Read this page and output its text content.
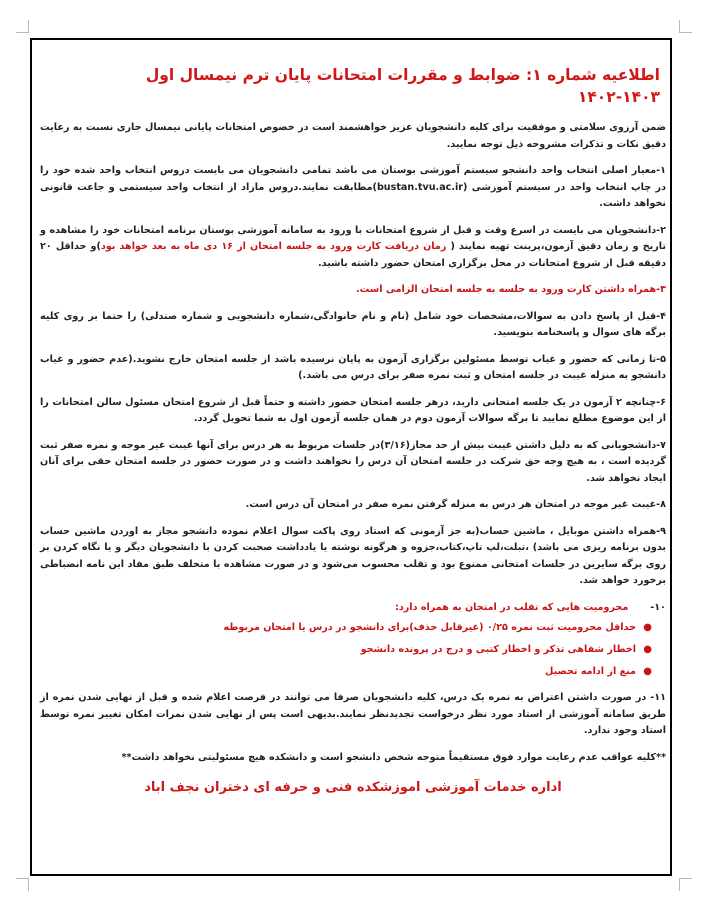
اطلاعیه شماره ۱: ضوابط و مقررات امتحانات پایان ترم نیمسال اول ۱۴۰۳-۱۴۰۲
ضمن آرزوی سلامتی و موفقیت برای کلیه دانشجویان عزیز خواهشمند است در خصوص امتحانات پایانی نیمسال جاری نسبت به رعایت دقیق نکات و تذکرات مشروحه ذیل توجه نمایید.
۱-معیار اصلی انتخاب واحد دانشجو سیستم آموزشی بوستان می باشد تمامی دانشجویان می بایست دروس انتخاب واحد شده خود را در چاپ انتخاب واحد در سیستم آموزشی (bustan.tvu.ac.ir)مطابقت نمایند.دروس مازاد از انتخاب واحد سیستمی و جاعت قانونی نخواهد داشت.
۲-دانشجویان می بایست در اسرع وقت و قبل از شروع امتحانات با ورود به سامانه آموزشی بوستان برنامه امتحانات خود را مشاهده و تاریخ و زمان دقیق آزمون،پرینت تهیه نمایند ( زمان دریافت کارت ورود به جلسه امتحان از ۱۶ دی ماه به بعد خواهد بود)و حداقل ۲۰ دقیقه قبل از شروع امتحانات در محل برگزاری امتحان حضور داشته باشید.
۳-همراه داشتن کارت ورود به جلسه به جلسه امتحان الزامی است.
۴-قبل از پاسخ دادن به سوالات،مشخصات خود شامل (نام و نام خانوادگی،شماره دانشجویی و شماره صندلی) را حتما بر روی کلیه برگه های سوال و پاسخنامه بنویسید.
۵-تا زمانی که حضور و غیاب توسط مسئولین برگزاری آزمون به پایان نرسیده باشد از جلسه امتحان خارج نشوید.(عدم حضور و غیاب دانشجو به منزله غیبت در جلسه امتحان و ثبت نمره صفر برای درس می باشد.)
۶-چنانچه ۲ آزمون در یک جلسه امتحانی دارید، درهر جلسه امتحان حضور داشته و حتماً قبل از شروع امتحان مسئول سالن امتحانات را از این موضوع مطلع نمایید تا برگه سوالات آزمون دوم در همان جلسه آزمون اول به شما تحویل گردد.
۷-دانشجویانی که به دلیل داشتن غیبت بیش از حد مجاز(۳/۱۶)در جلسات مربوط به هر درس برای آنها غیبت غیر موجه و نمره صفر ثبت گردیده است ، به هیچ وجه حق شرکت در جلسه امتحان آن درس را نخواهند داشت و در صورت حضور در جلسه امتحان حقی برای آنان ایجاد نخواهد شد.
۸-غیبت غیر موجه در امتحان هر درس به منزله گرفتن نمره صفر در امتحان آن درس است.
۹-همراه داشتن موبایل ، ماشین حساب(به جز آزمونی که استاد روی پاکت سوال اعلام نموده دانشجو مجاز به اوردن ماشین حساب بدون برنامه ریزی می باشد) ،تبلت،لپ تاپ،کتاب،جزوه و هرگونه نوشته یا یادداشت صحبت کردن با دانشجویان دیگر و یا نگاه کردن بر روی برگه سایرین در جلسات امتحانی ممنوع بود و تقلب محسوب می‌شود و در صورت مشاهده با متخلف طبق مفاد این نامه انضباطی برخورد خواهد شد.
۱۰-محرومیت هایی که تقلب در امتحان به همراه دارد:
●
حداقل محرومیت ثبت نمره ۰/۲۵ (غیرقابل حذف)برای دانشجو در درس یا امتحان مربوطه
●
اخطار شفاهی تذکر و اخطار کتبی و درج در پرونده دانشجو
●
منع از ادامه تحصیل
۱۱- در صورت داشتن اعتراض به نمره یک درس، کلیه دانشجویان صرفا می توانند در فرصت اعلام شده و قبل از نهایی شدن نمره از طریق سامانه آموزشی از استاد مورد نظر درخواست تجدیدنظر نمایند.بدیهی است پس از نهایی شدن نمرات امکان تغییر نمره توسط استاد وجود ندارد.
**کلیه عواقب عدم رعایت موارد فوق مستقیماً متوجه شخص دانشجو است و دانشکده هیچ مسئولیتی نخواهد داشت**
اداره خدمات آموزشی اموزشکده فنی و حرفه ای دختران نجف اباد
